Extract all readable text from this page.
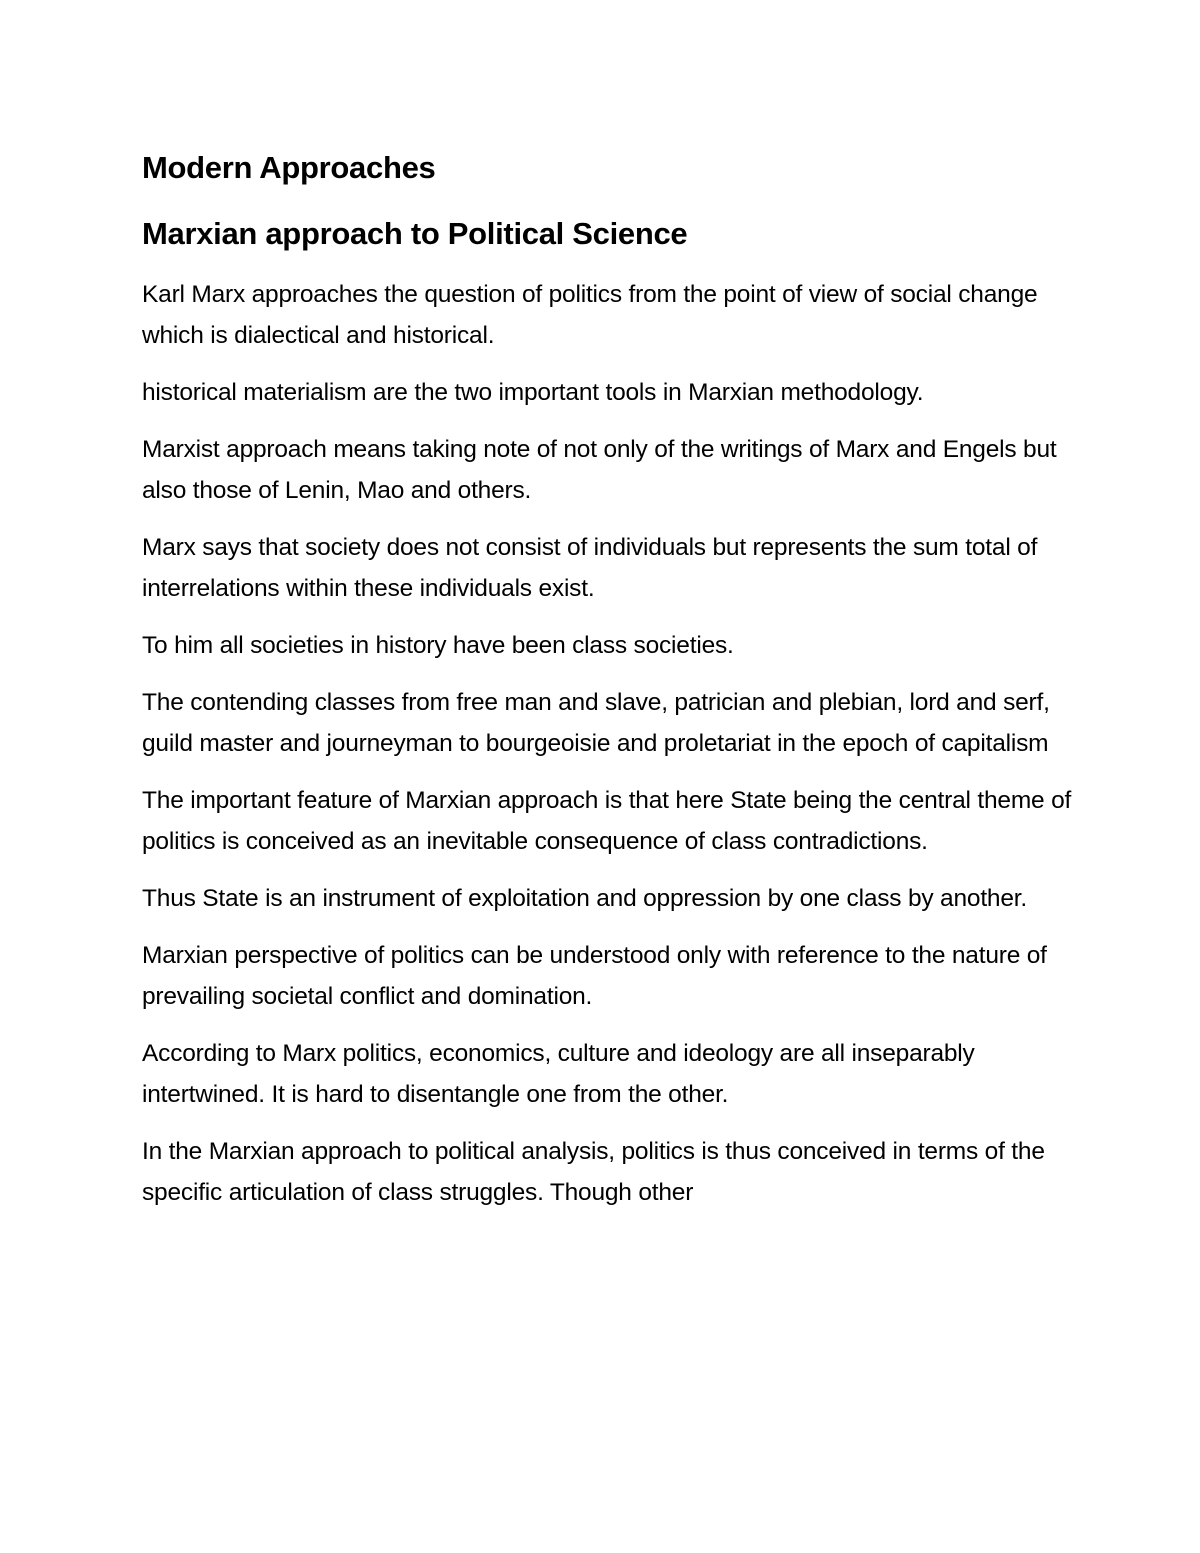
Modern Approaches
Marxian approach to Political Science

Karl Marx approaches the question of politics from the point of view of social change which is dialectical and historical.

historical materialism are the two important tools in Marxian methodology.

Marxist approach means taking note of not only of the writings of Marx and Engels but also those of Lenin, Mao and others.

Marx says that society does not consist of individuals but represents the sum total of interrelations within these individuals exist.

To him all societies in history have been class societies.

The contending classes from free man and slave, patrician and plebian, lord and serf, guild master and journeyman to bourgeoisie and proletariat in the epoch of capitalism

The important feature of Marxian approach is that here State being the central theme of politics is conceived as an inevitable consequence of class contradictions.

Thus State is an instrument of exploitation and oppression by one class by another.

Marxian perspective of politics can be understood only with reference to the nature of prevailing societal conflict and domination.

According to Marx politics, economics, culture and ideology are all inseparably intertwined. It is hard to disentangle one from the other.

In the Marxian approach to political analysis, politics is thus conceived in terms of the specific articulation of class struggles. Though other
